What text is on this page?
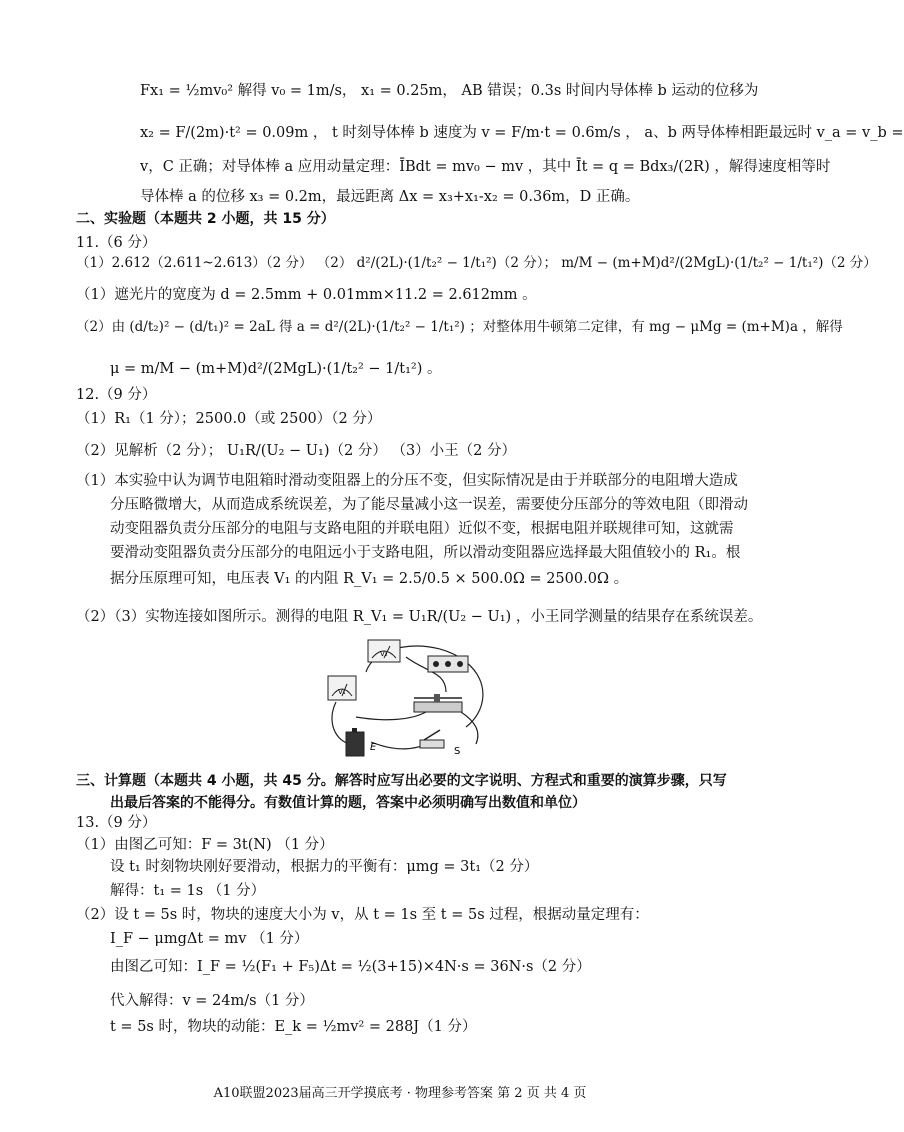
Fx₁ = ½mv₀² 解得 v₀ = 1m/s， x₁ = 0.25m， AB 错误；0.3s 时间内导体棒 b 运动的位移为
x₂ = F/(2m)·t² = 0.09m ， t 时刻导体棒 b 速度为 v = F/m·t = 0.6m/s ， a、b 两导体棒相距最远时 v_a = v_b =
v，C 正确；对导体棒 a 应用动量定理：ĪBdt = mv₀ − mv ，其中 Īt = q = Bdx₃/(2R) ，解得速度相等时
导体棒 a 的位移 x₃ = 0.2m，最远距离 Δx = x₃+x₁-x₂ = 0.36m，D 正确。
二、实验题（本题共 2 小题，共 15 分）
11.（6 分）
（1）2.612（2.611~2.613）（2 分） （2） d²/(2L)·(1/t₂² − 1/t₁²)（2 分）； m/M − (m+M)d²/(2MgL)·(1/t₂² − 1/t₁²)（2 分）
（1）遮光片的宽度为 d = 2.5mm + 0.01mm×11.2 = 2.612mm 。
（2）由 (d/t₂)² − (d/t₁)² = 2aL 得 a = d²/(2L)·(1/t₂² − 1/t₁²) ；对整体用牛顿第二定律，有 mg − μMg = (m+M)a ，解得
μ = m/M − (m+M)d²/(2MgL)·(1/t₂² − 1/t₁²) 。
12.（9 分）
（1）R₁（1 分）；2500.0（或 2500）（2 分）
（2）见解析（2 分）； U₁R/(U₂ − U₁)（2 分） （3）小王（2 分）
（1）本实验中认为调节电阻箱时滑动变阻器上的分压不变，但实际情况是由于并联部分的电阻增大造成
分压略微增大，从而造成系统误差，为了能尽量减小这一误差，需要使分压部分的等效电阻（即滑动
动变阻器负责分压部分的电阻与支路电阻的并联电阻）近似不变，根据电阻并联规律可知，这就需
要滑动变阻器负责分压部分的电阻远小于支路电阻，所以滑动变阻器应选择最大阻值较小的 R₁。根
据分压原理可知，电压表 V₁ 的内阻 R_V₁ = 2.5/0.5 × 500.0Ω = 2500.0Ω 。
（2）（3）实物连接如图所示。测得的电阻 R_V₁ = U₁R/(U₂ − U₁) ，小王同学测量的结果存在系统误差。
V₂
V₁
E	S
三、计算题（本题共 4 小题，共 45 分。解答时应写出必要的文字说明、方程式和重要的演算步骤，只写
出最后答案的不能得分。有数值计算的题，答案中必须明确写出数值和单位）
13.（9 分）
（1）由图乙可知：F = 3t(N) （1 分）
设 t₁ 时刻物块刚好要滑动，根据力的平衡有：μmg = 3t₁（2 分）
解得：t₁ = 1s （1 分）
（2）设 t = 5s 时，物块的速度大小为 v，从 t = 1s 至 t = 5s 过程，根据动量定理有：
I_F − μmgΔt = mv （1 分）
由图乙可知：I_F = ½(F₁ + F₅)Δt = ½(3+15)×4N·s = 36N·s（2 分）
代入解得：v = 24m/s（1 分）
t = 5s 时，物块的动能：E_k = ½mv² = 288J（1 分）
A10联盟2023届高三开学摸底考 · 物理参考答案 第 2 页 共 4 页
